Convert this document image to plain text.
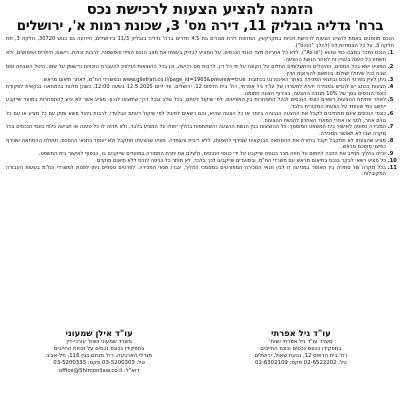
הזמנה להציע הצעות לרכישת נכס
ברח' גדליה בובליק 11, דירה מס' 3, שכונת רמות א', ירושלים

הנכס מוזמנים באמת להציע הצעות לרכישת זכויות במקרקעין, המהוות דירת מגורים בת 4.5 חדרים ברח' גדליה בובליק 11/3 בירושלים, הידועה גם כגוש 30720, חלקה 3, תת חלקה 3, על כל הצמודות לה (להלן: "הנכס").

1. הנכס נמכר במצבו כפי שהוא ("As is"), ללא כל אחריות מצד כונסי הנכסים. על המציע לבדוק בעצמו את מצב הנכס הפיזי והמשפטי, לרבות זכויות, רישום, היתרים ושימושים, ולא תשמע כל טענה בעניין זה לאחר הגשת ההצעה.
2. המציע ישא בכל המסים, ההיטלים והתשלומים החלים על הקונה על פי כל דין, לרבות מס רכישה, וכן בכל ההוצאות הנלוות להעברת הזכויות ורישומן על שמו. היטל השבחה ומס שבח ככל שיחולו ישולמו בהתאם להוראות הדין.
3. ניתן לעיין בפרטי הנכס ובתנאי המכירה באתר האינטרנט בכתובת: www.gilefrati.co.il/page_id=1963&preview=true ובמשרדי הח"מ, לאחר תיאום מראש.
4. הצעות בכתב יש להגיש במסירה ידנית למשרדו של עו"ד גיל אפרתי, רח' בית הדפוס 12, ירושלים, עד ליום 12.5.2025 בשעה 12:00, כשהן מלוות בהמחאה בנקאית לפקודת כונסי הנכסים בסך של 10% מגובה ההצעה, בצירוף הצעה חתומה.
5. לאחר פתיחת ההצעות רשאים כונסי הנכסים לנהל התמחרות בין המציעים, לפי שיקול דעתם, בכל שלב ובכל דרך שימצאו לנכון. מציע אשר לא יגיע להתמחרות במועד שייקבע ייחשב כמי שעומד על הצעתו המקורית בלבד.
6. כונסי הנכסים אינם מתחייבים לקבל את ההצעה הגבוהה ביותר או כל הצעה שהיא, והם רשאים לפעול לפי שיקול דעתם הבלעדי, לרבות ניהול משא ומתן עם כל מציע או עם כל גורם אחר, לפני או אחרי המועד האחרון להגשת ההצעות.
7. המכירה כפופה לאישור בית המשפט המוסמך. כל ההוצאות בגין הגשת ההצעה והשתתפות בהליך יחולו על המציע בלבד, ולא תהיה לו כל טענה או תביעה כלפי כונסי הנכסים בכל מקרה שבו לא תאושר המכירה.
8. מציע שהצעתו לא תתקבל יקבל בחזרה את ההמחאה הבנקאית שצירף להצעתו, ללא ריבית והצמדה. מציע שהצעתו תתקבל ולא יעמוד בתנאי ההסכם, תחולט ההמחאה שצירף כפיצוי מוסכם מראש.
9. זכייה בהליך תחייב את הזוכה לחתום על חוזה מכר בנוסח שייקבע על ידי כונסי הנכסים, ולשלם את יתרת התמורה במועדים שייקבעו בו, בכפוף לאישור בית המשפט.
10. כל מציע רשאי לבקר בנכס בתיאום מראש עם משרדי הח"מ, ובמועדים שייקבעו לכך בלבד. לא תותר כל כניסה לנכס ללא תיאום מוקדם.
11. בכל מקרה של סתירה בין האמור במודעה זו לבין תנאי המכירה המפורטים במסמכי ההליך, יגברו תנאי המכירה. לפרטים נוספים ניתן לפנות למשרדי הח"מ בשעות העבודה המקובלות.
עו"ד גיל אפרתי
משרד עו"ד גיל אפרתי ושות'
בתפקידו ככונס נכסים וכונס החייבים
רח' בית הדפוס 12, גבעת שאול, ירושלים
טל: 02-6522202 פקס: 02-6302109
עו"ד אילן שמעוני
משרד שמעוני ושות' עורכי-דין
בתפקידו ככונס נכסים על זכויות החייבים
מגדלי הארבעה, רח' מנחם בגין 116, תל-אביב
טל: 03-5200303 פקס: 03-5200333
office@Shimonilaw.co.il :דוא"ל
